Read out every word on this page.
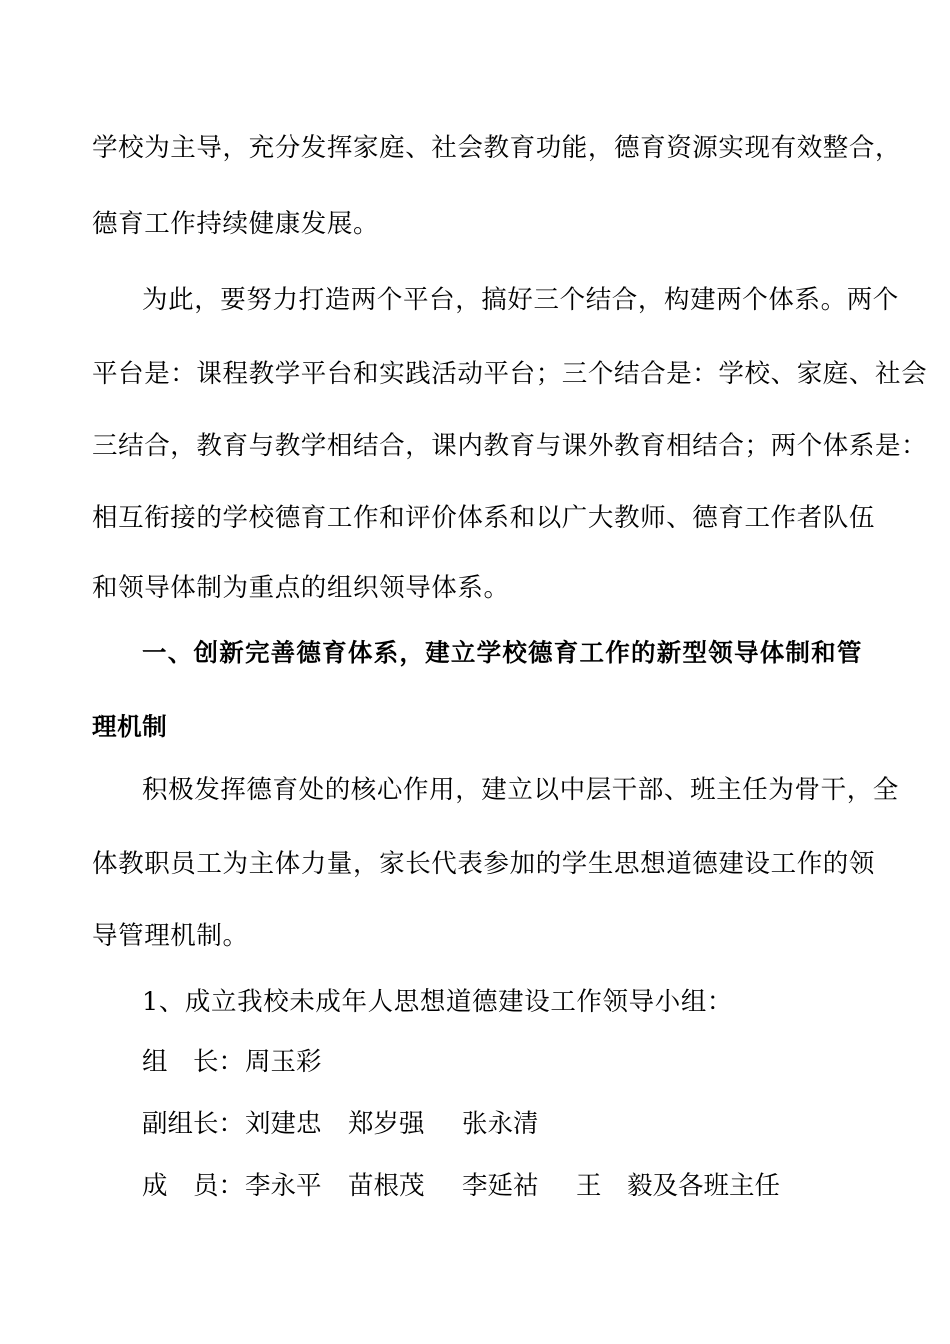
学校为主导，充分发挥家庭、社会教育功能，德育资源实现有效整合，

德育工作持续健康发展。

为此，要努力打造两个平台，搞好三个结合，构建两个体系。两个

平台是：课程教学平台和实践活动平台；三个结合是：学校、家庭、社会

三结合，教育与教学相结合，课内教育与课外教育相结合；两个体系是：

相互衔接的学校德育工作和评价体系和以广大教师、德育工作者队伍

和领导体制为重点的组织领导体系。

一、创新完善德育体系，建立学校德育工作的新型领导体制和管

理机制

积极发挥德育处的核心作用，建立以中层干部、班主任为骨干，全

体教职员工为主体力量，家长代表参加的学生思想道德建设工作的领

导管理机制。

1、成立我校未成年人思想道德建设工作领导小组：

组　长： 周玉彩
副组长： 刘建忠 郑岁强 张永清
成　员： 李永平 苗根茂 李延祜 王　毅及各班主任
